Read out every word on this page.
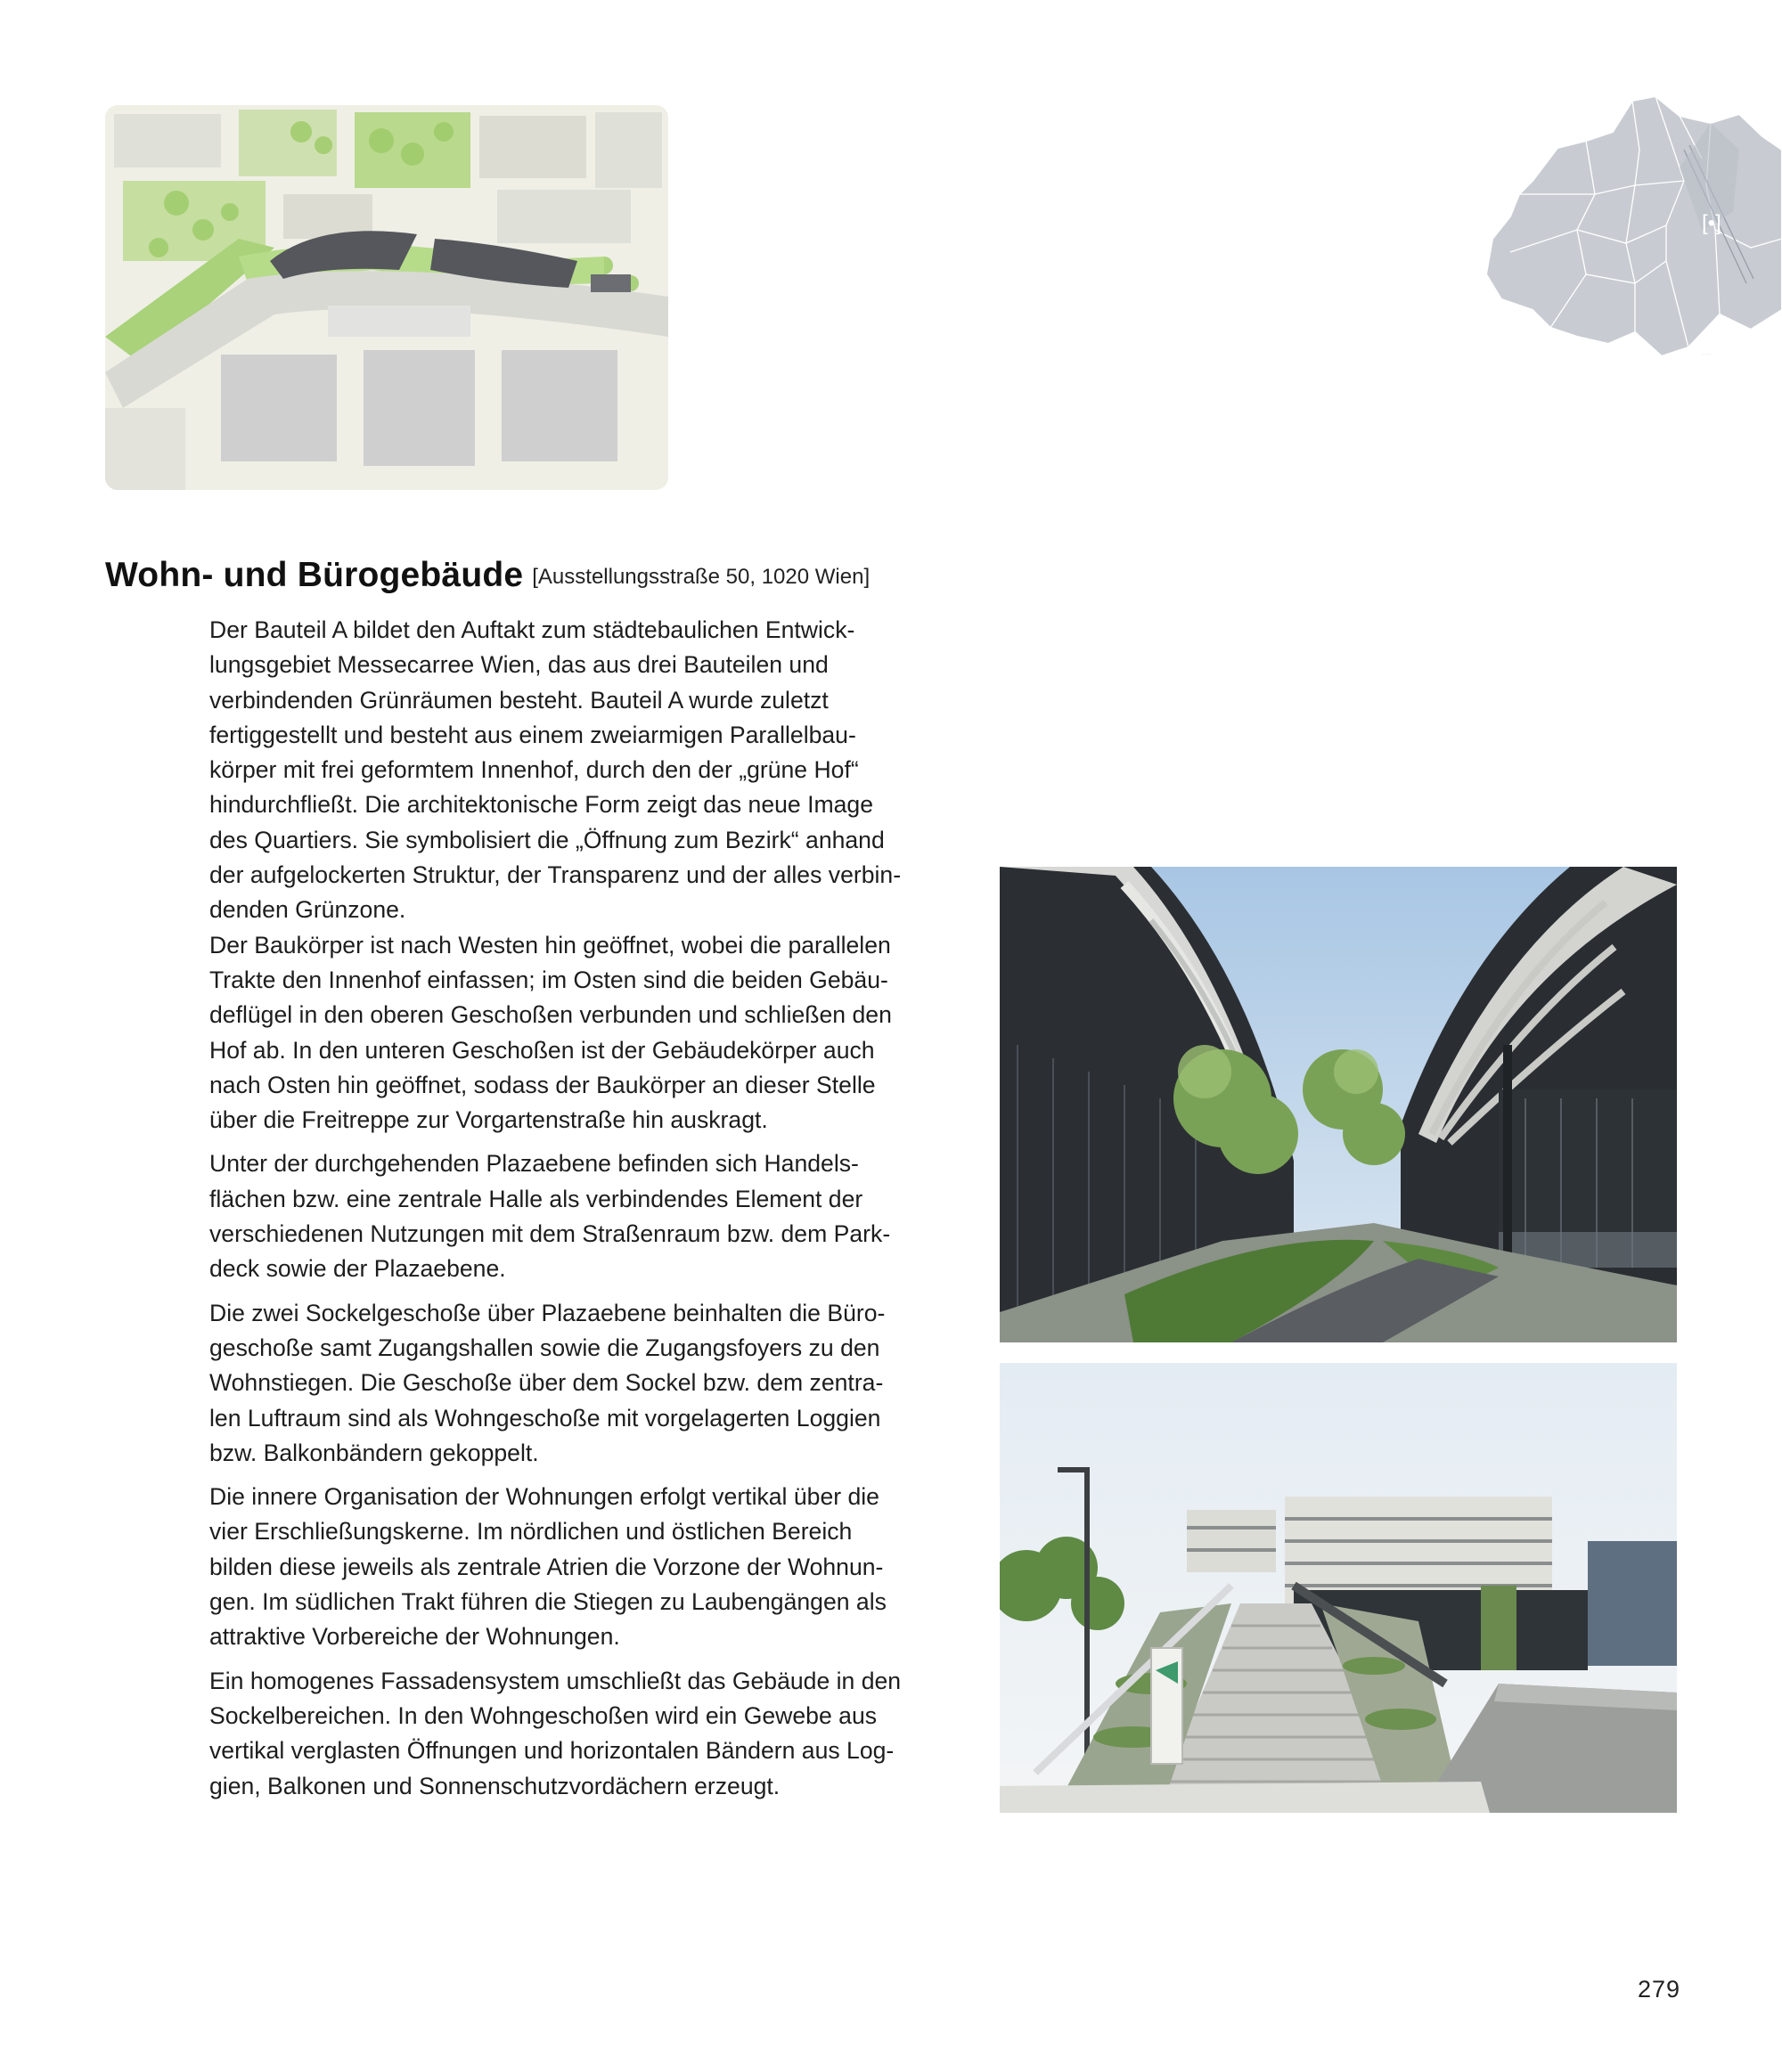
[•]
2. Bezirk, Leopoldstadt
Wohn- und Bürogebäude [Ausstellungsstraße 50, 1020 Wien]

Der Bauteil A bildet den Auftakt zum städtebaulichen Entwick-
lungsgebiet Messecarree Wien, das aus drei Bauteilen und
verbindenden Grünräumen besteht. Bauteil A wurde zuletzt
fertiggestellt und besteht aus einem zweiarmigen Parallelbau-
körper mit frei geformtem Innenhof, durch den der „grüne Hof“
hindurchfließt. Die architektonische Form zeigt das neue Image
des Quartiers. Sie symbolisiert die „Öffnung zum Bezirk“ anhand
der aufgelockerten Struktur, der Transparenz und der alles verbin-
denden Grünzone.
Der Baukörper ist nach Westen hin geöffnet, wobei die parallelen
Trakte den Innenhof einfassen; im Osten sind die beiden Gebäu-
deflügel in den oberen Geschoßen verbunden und schließen den
Hof ab. In den unteren Geschoßen ist der Gebäudekörper auch
nach Osten hin geöffnet, sodass der Baukörper an dieser Stelle
über die Freitreppe zur Vorgartenstraße hin auskragt.

Unter der durchgehenden Plazaebene befinden sich Handels-
flächen bzw. eine zentrale Halle als verbindendes Element der
verschiedenen Nutzungen mit dem Straßenraum bzw. dem Park-
deck sowie der Plazaebene.

Die zwei Sockelgeschoße über Plazaebene beinhalten die Büro-
geschoße samt Zugangshallen sowie die Zugangsfoyers zu den
Wohnstiegen. Die Geschoße über dem Sockel bzw. dem zentra-
len Luftraum sind als Wohngeschoße mit vorgelagerten Loggien
bzw. Balkonbändern gekoppelt.

Die innere Organisation der Wohnungen erfolgt vertikal über die
vier Erschließungskerne. Im nördlichen und östlichen Bereich
bilden diese jeweils als zentrale Atrien die Vorzone der Wohnun-
gen. Im südlichen Trakt führen die Stiegen zu Laubengängen als
attraktive Vorbereiche der Wohnungen.

Ein homogenes Fassadensystem umschließt das Gebäude in den
Sockelbereichen. In den Wohngeschoßen wird ein Gewebe aus
vertikal verglasten Öffnungen und horizontalen Bändern aus Log-
gien, Balkonen und Sonnenschutzvordächern erzeugt.

279
